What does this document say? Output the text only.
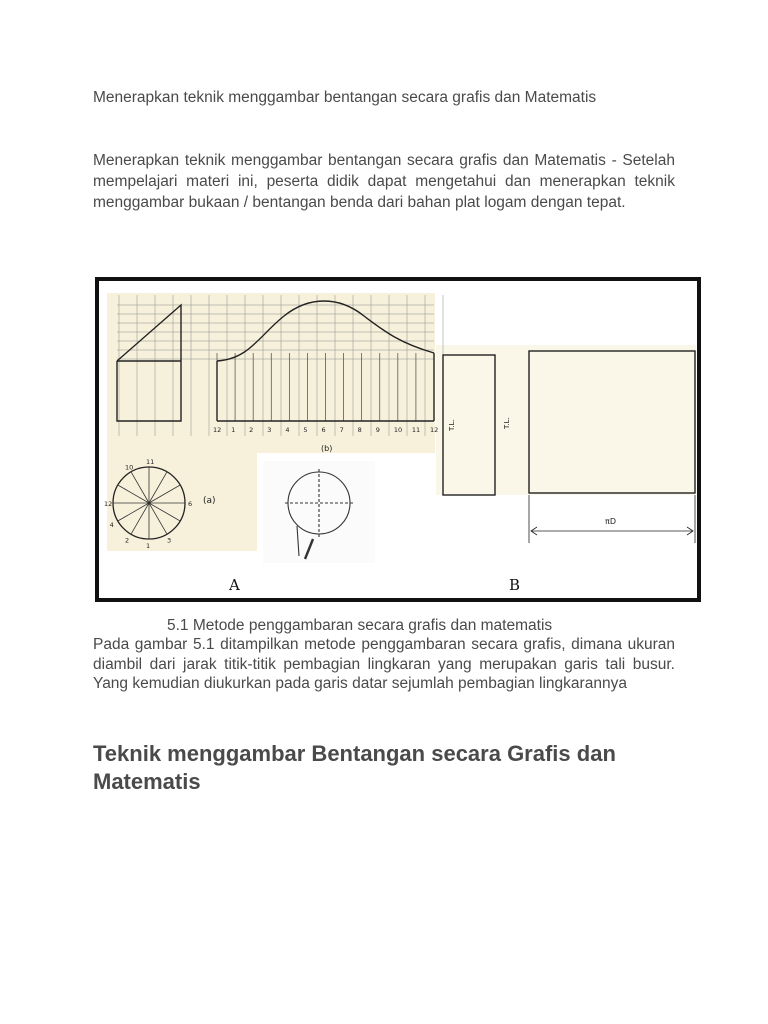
Menerapkan teknik menggambar bentangan secara grafis dan Matematis

Menerapkan teknik menggambar bentangan secara grafis dan Matematis - Setelah mempelajari materi ini, peserta didik dapat mengetahui dan menerapkan teknik menggambar bukaan / bentangan benda dari bahan plat logam dengan tepat.

12 1 2 3 4 5 6 7 8 9 10 11 12
(b)
10
11
12
1
2
6
3
4
(a)
T.L.	T.L.
πD
A	B

5.1 Metode penggambaran secara grafis dan matematis

Pada gambar 5.1 ditampilkan metode penggambaran secara grafis, dimana ukuran diambil dari jarak titik-titik pembagian lingkaran yang merupakan garis tali busur. Yang kemudian diukurkan pada garis datar sejumlah pembagian lingkarannya

Teknik menggambar Bentangan secara Grafis dan Matematis
